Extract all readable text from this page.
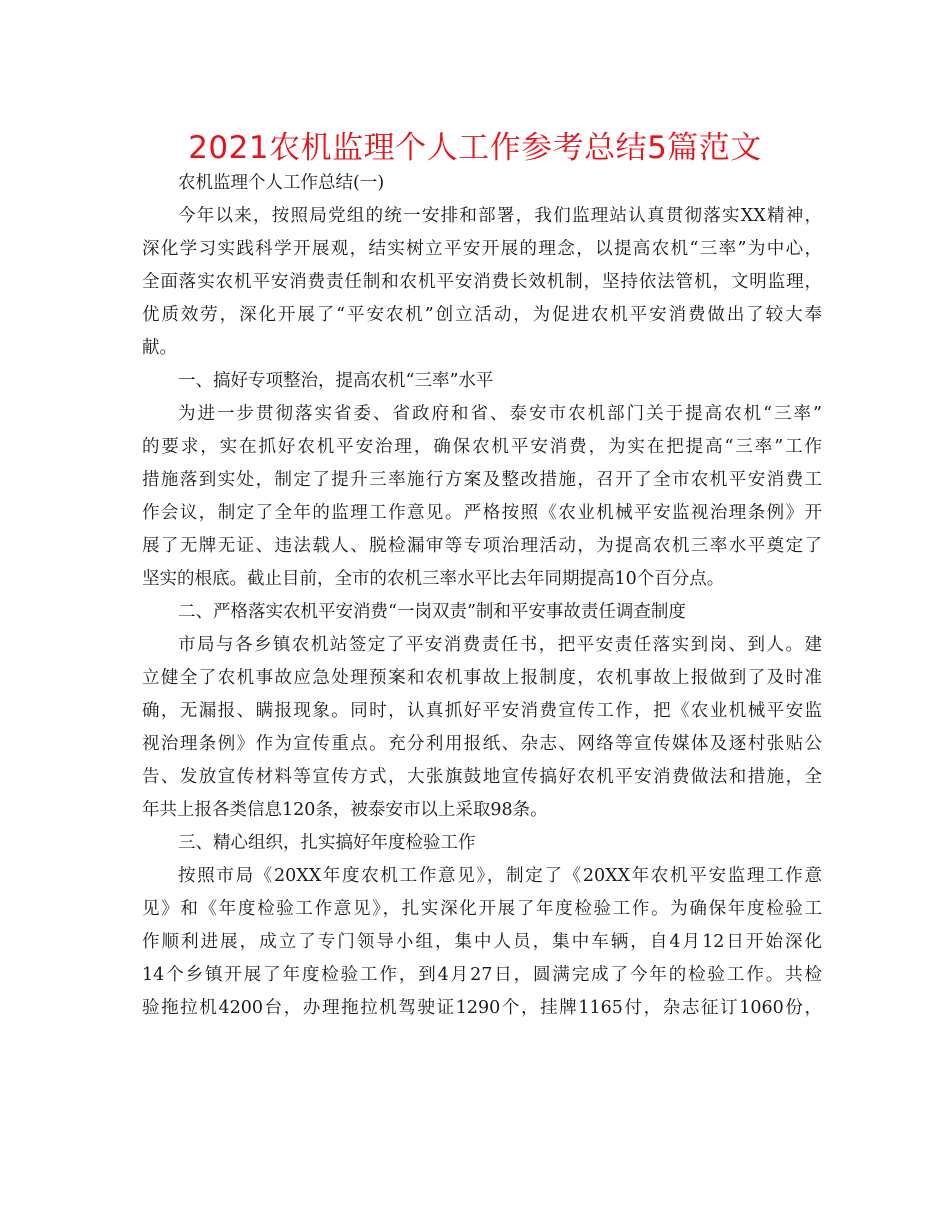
2021农机监理个人工作参考总结5篇范文
农机监理个人工作总结(一)
今年以来，按照局党组的统一安排和部署，我们监理站认真贯彻落实XX精神，
深化学习实践科学开展观，结实树立平安开展的理念，以提高农机“三率”为中心，
全面落实农机平安消费责任制和农机平安消费长效机制，坚持依法管机，文明监理，
优质效劳，深化开展了“平安农机”创立活动，为促进农机平安消费做出了较大奉
献。
一、搞好专项整治，提高农机“三率”水平
为进一步贯彻落实省委、省政府和省、泰安市农机部门关于提高农机“三率”
的要求，实在抓好农机平安治理，确保农机平安消费，为实在把提高“三率”工作
措施落到实处，制定了提升三率施行方案及整改措施，召开了全市农机平安消费工
作会议，制定了全年的监理工作意见。严格按照《农业机械平安监视治理条例》开
展了无牌无证、违法载人、脱检漏审等专项治理活动，为提高农机三率水平奠定了
坚实的根底。截止目前，全市的农机三率水平比去年同期提高10个百分点。
二、严格落实农机平安消费“一岗双责”制和平安事故责任调查制度
市局与各乡镇农机站签定了平安消费责任书，把平安责任落实到岗、到人。建
立健全了农机事故应急处理预案和农机事故上报制度，农机事故上报做到了及时准
确，无漏报、瞒报现象。同时，认真抓好平安消费宣传工作，把《农业机械平安监
视治理条例》作为宣传重点。充分利用报纸、杂志、网络等宣传媒体及逐村张贴公
告、发放宣传材料等宣传方式，大张旗鼓地宣传搞好农机平安消费做法和措施，全
年共上报各类信息120条，被泰安市以上采取98条。
三、精心组织，扎实搞好年度检验工作
按照市局《20XX年度农机工作意见》，制定了《20XX年农机平安监理工作意
见》和《年度检验工作意见》，扎实深化开展了年度检验工作。为确保年度检验工
作顺利进展，成立了专门领导小组，集中人员，集中车辆，自4月12日开始深化
14个乡镇开展了年度检验工作，到4月27日，圆满完成了今年的检验工作。共检
验拖拉机4200台，办理拖拉机驾驶证1290个，挂牌1165付，杂志征订1060份，
